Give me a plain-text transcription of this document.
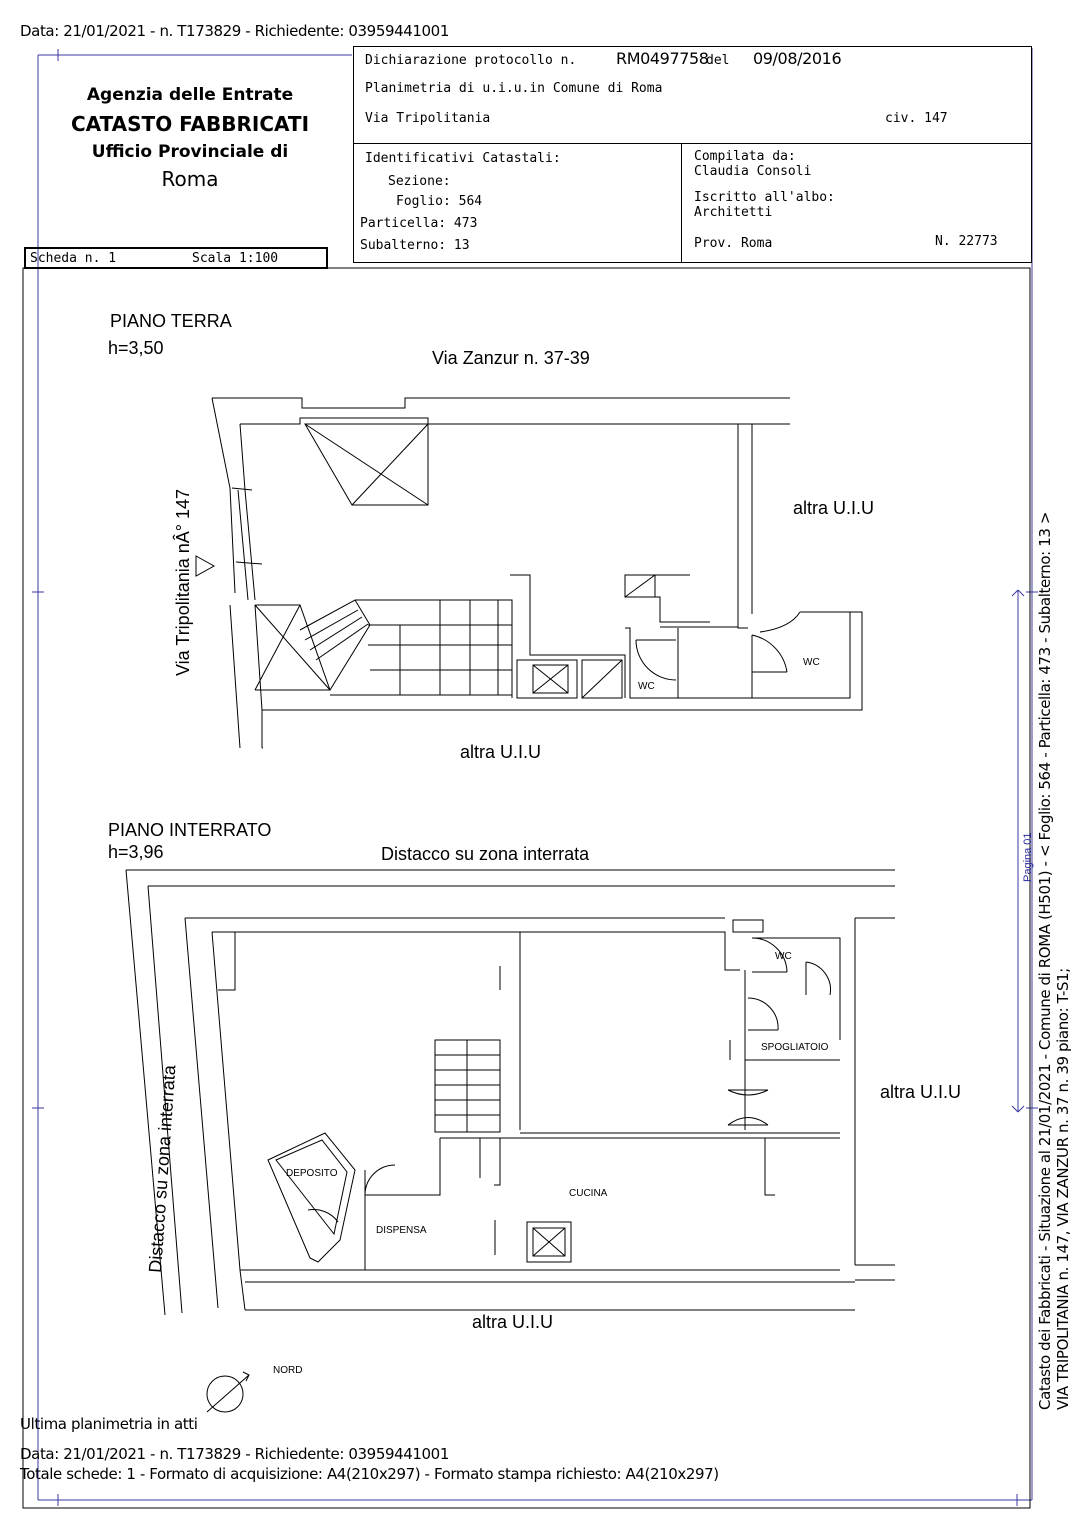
Data: 21/01/2021 - n. T173829 - Richiedente: 03959441001
Agenzia delle Entrate
CATASTO FABBRICATI
Ufficio Provinciale di
Roma
Scheda n. 1	Scala 1:100
Dichiarazione protocollo n. RM0497758
del 09/08/2016
Planimetria di u.i.u.in Comune di Roma
Via Tripolitania	civ. 147
Identificativi Catastali:
Sezione:
Foglio: 564
Particella: 473
Subalterno: 13
Compilata da:
Claudia Consoli
Iscritto all'albo:
Architetti
Prov. Roma	N. 22773
PIANO TERRA
h=3,50	Via Zanzur n. 37-39
Via Tripolitania nÂ° 147	altra U.I.U
altra U.I.U
WC
WC
PIANO INTERRATO
h=3,96	Distacco su zona interrata
Distacco su zona interrata
WC
SPOGLIATOIO
altra U.I.U
DEPOSITO
CUCINA
DISPENSA
altra U.I.U
NORD	Catasto dei Fabbricati - Situazione al 21/01/2021 - Comune di ROMA (H501) - < Foglio: 564 - Particella: 473 - Subalterno: 13 > VIA TRIPOLITANIA n. 147, VIA ZANZUR n. 37 n. 39 piano: T-S1;
Pagina 01
Ultima planimetria in atti
Data: 21/01/2021 - n. T173829 - Richiedente: 03959441001
Totale schede: 1 - Formato di acquisizione: A4(210x297) - Formato stampa richiesto: A4(210x297)
